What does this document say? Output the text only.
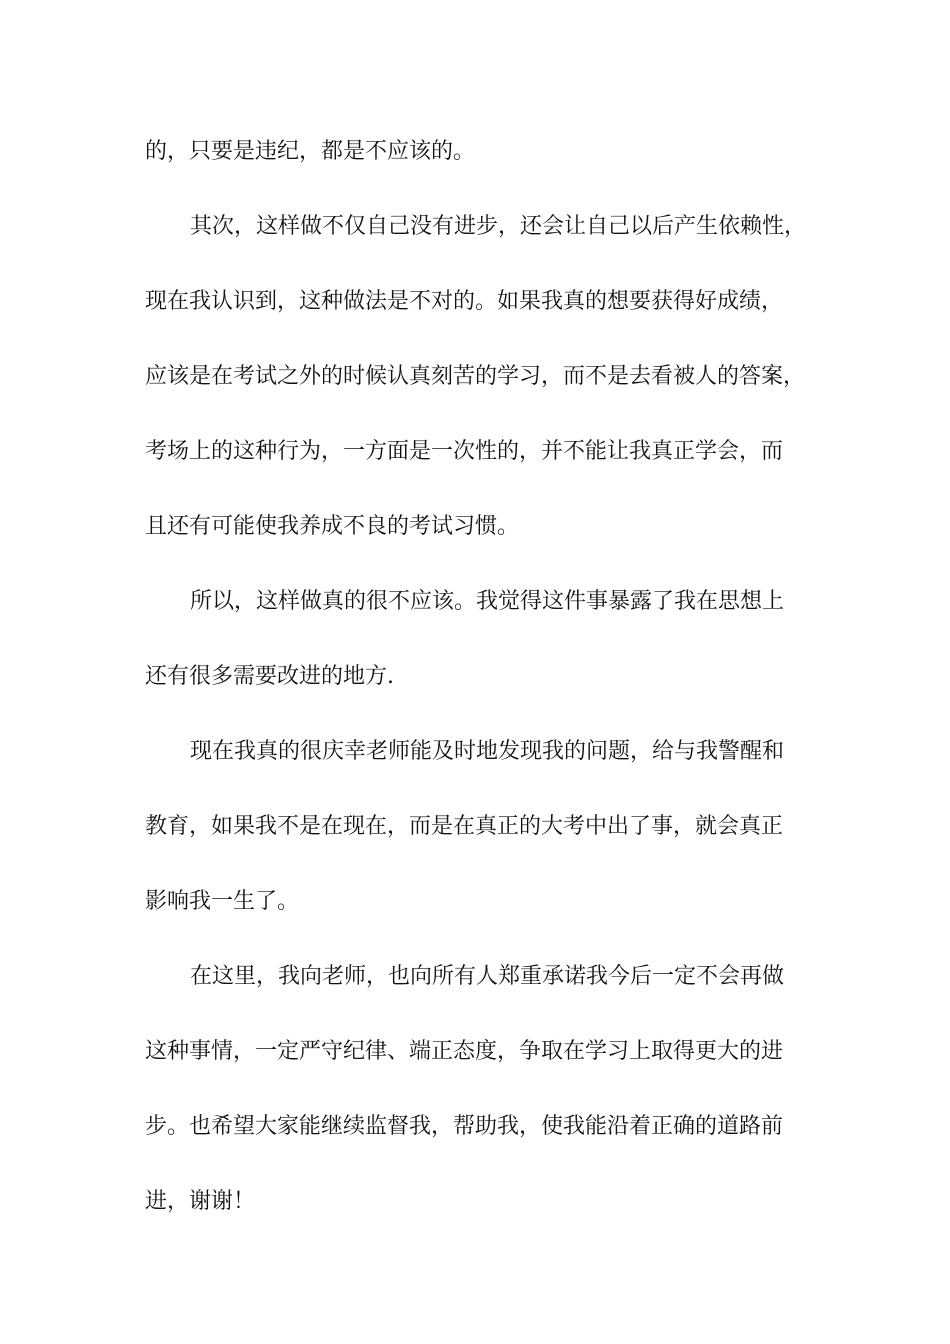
的，只要是违纪，都是不应该的。
其次，这样做不仅自己没有进步，还会让自己以后产生依赖性，
现在我认识到，这种做法是不对的。如果我真的想要获得好成绩，
应该是在考试之外的时候认真刻苦的学习，而不是去看被人的答案，
考场上的这种行为，一方面是一次性的，并不能让我真正学会，而
且还有可能使我养成不良的考试习惯。
所以，这样做真的很不应该。我觉得这件事暴露了我在思想上
还有很多需要改进的地方.
现在我真的很庆幸老师能及时地发现我的问题，给与我警醒和
教育，如果我不是在现在，而是在真正的大考中出了事，就会真正
影响我一生了。
在这里，我向老师，也向所有人郑重承诺我今后一定不会再做
这种事情，一定严守纪律、端正态度，争取在学习上取得更大的进
步。也希望大家能继续监督我，帮助我，使我能沿着正确的道路前
进，谢谢！
